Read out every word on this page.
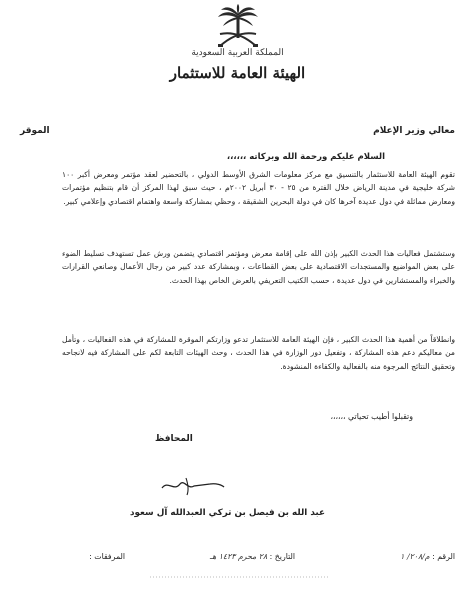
المملكة العربية السعودية
الهيئة العامة للاستثمار
معالي وزير الإعلام
الموقر
السلام عليكم ورحمة الله وبركاته ،،،،،،
تقوم الهيئة العامة للاستثمار بالتنسيق مع مركز معلومات الشرق الأوسط الدولي ، بالتحضير لعقد مؤتمر ومعرض أكبر ١٠٠ شركة خليجية في مدينة الرياض خلال الفترة من ٢٥ - ٣٠ أبريل ٢٠٠٢م ، حيث سبق لهذا المركز أن قام بتنظيم مؤتمرات ومعارض مماثلة في دول عديدة آخرها كان في دولة البحرين الشقيقة ، وحظي بمشاركة واسعة واهتمام اقتصادي وإعلامي كبير.
وستشتمل فعاليات هذا الحدث الكبير بإذن الله على إقامة معرض ومؤتمر اقتصادي يتضمن ورش عمل تستهدف تسليط الضوء على بعض المواضيع والمستجدات الاقتصادية على بعض القطاعات ، وبمشاركة عدد كبير من رجال الأعمال وصانعي القرارات والخبراء والمستشارين في دول عديدة ، حسب الكتيب التعريفي بالعرض الخاص بهذا الحدث.
وانطلاقاً من أهمية هذا الحدث الكبير ، فإن الهيئة العامة للاستثمار تدعو وزارتكم الموقرة للمشاركة في هذه الفعاليات ، وتأمل من معاليكم دعم هذه المشاركة ، وتفعيل دور الوزارة في هذا الحدث ، وحث الهيئات التابعة لكم على المشاركة فيه لانجاحه وتحقيق النتائج المرجوة منه بالفعالية والكفاءة المنشودة.
وتقبلوا أطيب تحياتي ،،،،،،
المحافظ
عبد الله بن فيصل بن تركي العبدالله آل سعود
الرقم : م/٢٠٨/ ١
التاريخ : ٢٨ محرم ١٤٢٣ هـ
المرفقات :
